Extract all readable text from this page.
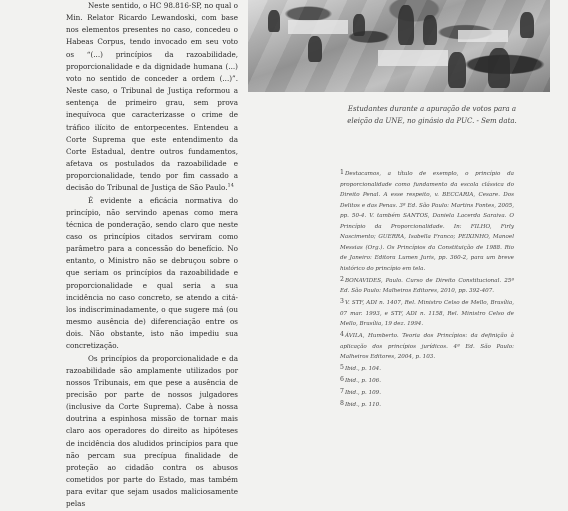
Neste sentido, o HC 98.816-SP, no qual o Min. Relator Ricardo Lewandoski, com base nos elementos presentes no caso, concedeu o Habeas Corpus, tendo invocado em seu voto os “(...) princípios da razoabilidade, proporcionalidade e da dignidade humana (...) voto no sentido de conceder a ordem (...)”. Neste caso, o Tribunal de Justiça reformou a sentença de primeiro grau, sem prova inequívoca que caracterizasse o crime de tráfico ilícito de entorpecentes. Entendeu a Corte Suprema que este entendimento da Corte Estadual, dentre outros fundamentos, afetava os postulados da razoabilidade e proporcionalidade, tendo por fim cassado a decisão do Tribunal de Justiça de São Paulo.$^{14}$

É evidente a eficácia normativa do princípio, não servindo apenas como mera técnica de ponderação, sendo claro que neste caso os princípios citados serviram como parâmetro para a concessão do benefício. No entanto, o Ministro não se debruçou sobre o que seriam os princípios da razoabilidade e proporcionalidade e qual seria a sua incidência no caso concreto, se atendo a citá-los indiscriminadamente, o que sugere má (ou mesmo ausência de) diferenciação entre os dois. Não obstante, isto não impediu sua concretização.

Os princípios da proporcionalidade e da razoabilidade são amplamente utilizados por nossos Tribunais, em que pese a ausência de precisão por parte de nossos julgadores (inclusive da Corte Suprema). Cabe à nossa doutrina a espinhosa missão de tornar mais claro aos operadores do direito as hipóteses de incidência dos aludidos princípios para que não percam sua precípua finalidade de proteção ao cidadão contra os abusos cometidos por parte do Estado, mas também para evitar que sejam usados maliciosamente pelas

Estudantes durante a apuração de votos para a eleição da UNE, no ginásio da PUC. - Sem data.

1Destacamos, a título de exemplo, o princípio da proporcionalidade como fundamento da escola clássica do Direito Penal. A esse respeito, v. BECCARIA, Cesare. Dos Delitos e das Penas. 3ª Ed. São Paulo: Martins Fontes, 2005, pp. 50-4. V. também SANTOS, Daniela Lacerda Saraiva. O Princípio da Proporcionalidade. In: FILHO, Firly Nascimento; GUERRA, Isabella Franco; PEIXINHO, Manoel Messias (Org.). Os Princípios da Constituição de 1988. Rio de Janeiro: Editora Lumen Juris, pp. 360-2, para um breve histórico do princípio em tela.

2BONAVIDES, Paulo. Curso de Direito Constitucional. 25ª Ed. São Paulo: Malheiros Editores, 2010, pp. 392-407.

3V. STF, ADI n. 1407, Rel. Ministro Celso de Mello, Brasília, 07 mar. 1993, e STF, ADI n. 1158, Rel. Ministro Celso de Mello, Brasília, 19 dez. 1994.

4ÁVILA, Humberto. Teoria dos Princípios: da definição à aplicação dos princípios jurídicos. 4ª Ed. São Paulo: Malheiros Editores, 2004, p. 103.

5Ibid., p. 104.

6Ibid., p. 106.

7Ibid., p. 109.

8Ibid., p. 110.
